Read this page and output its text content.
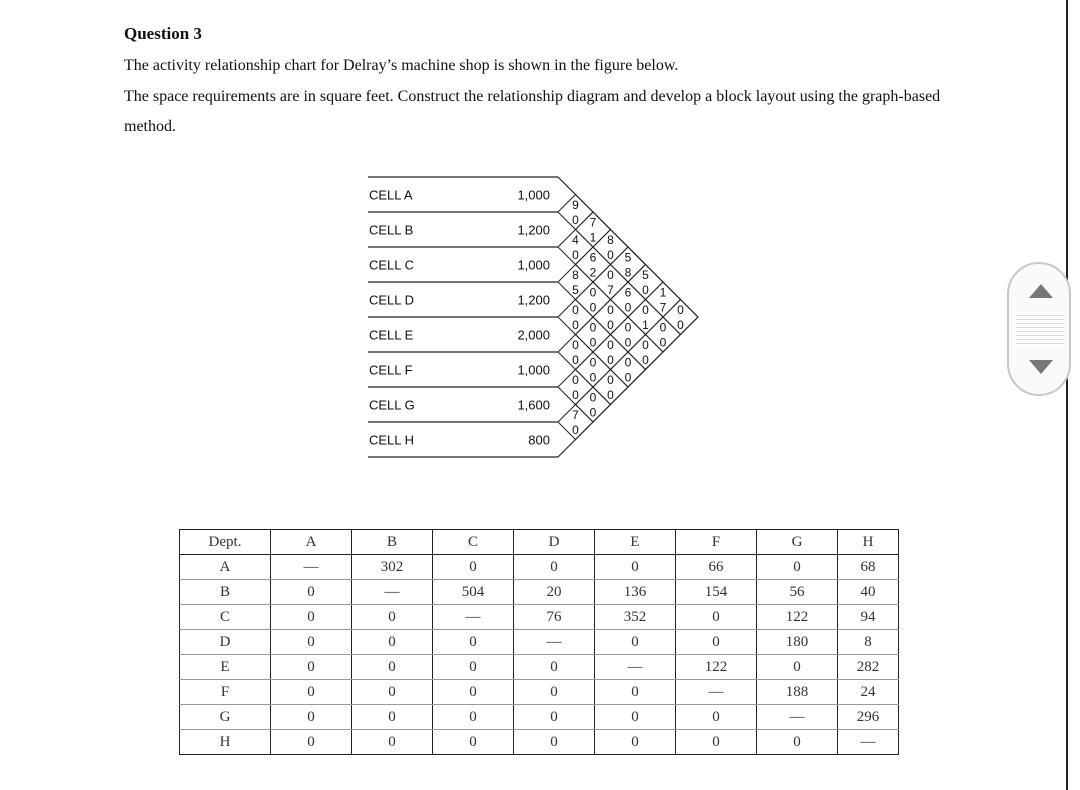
Question 3
The activity relationship chart for Delray’s machine shop is shown in the figure below.
The space requirements are in square feet. Construct the relationship diagram and develop a block layout using the graph-based method.
CELL A	1,000
CELL B	1,200
CELL C	1,000
CELL D	1,200
CELL E	2,000
CELL F	1,000
CELL G	1,600
CELL H	800
9
0 7
1 8
0 5
8 5
0 1
7 0
0
4
0 6
2 0
7 6
0 0
1 0
0
8
5 0
0 0
0 0
0 0
0
0
0 0
0 0
0 0
0
0
0 0
0 0
0
0
0 0
0
7
0
Dept.	A	B	C	D	E	F	G	H
A	—	302	0	0	0	66	0	68
B	0	—	504	20	136	154	56	40
C	0	0	—	76	352	0	122	94
D	0	0	0	—	0	0	180	8
E	0	0	0	0	—	122	0	282
F	0	0	0	0	0	—	188	24
G	0	0	0	0	0	0	—	296
H	0	0	0	0	0	0	0	—
